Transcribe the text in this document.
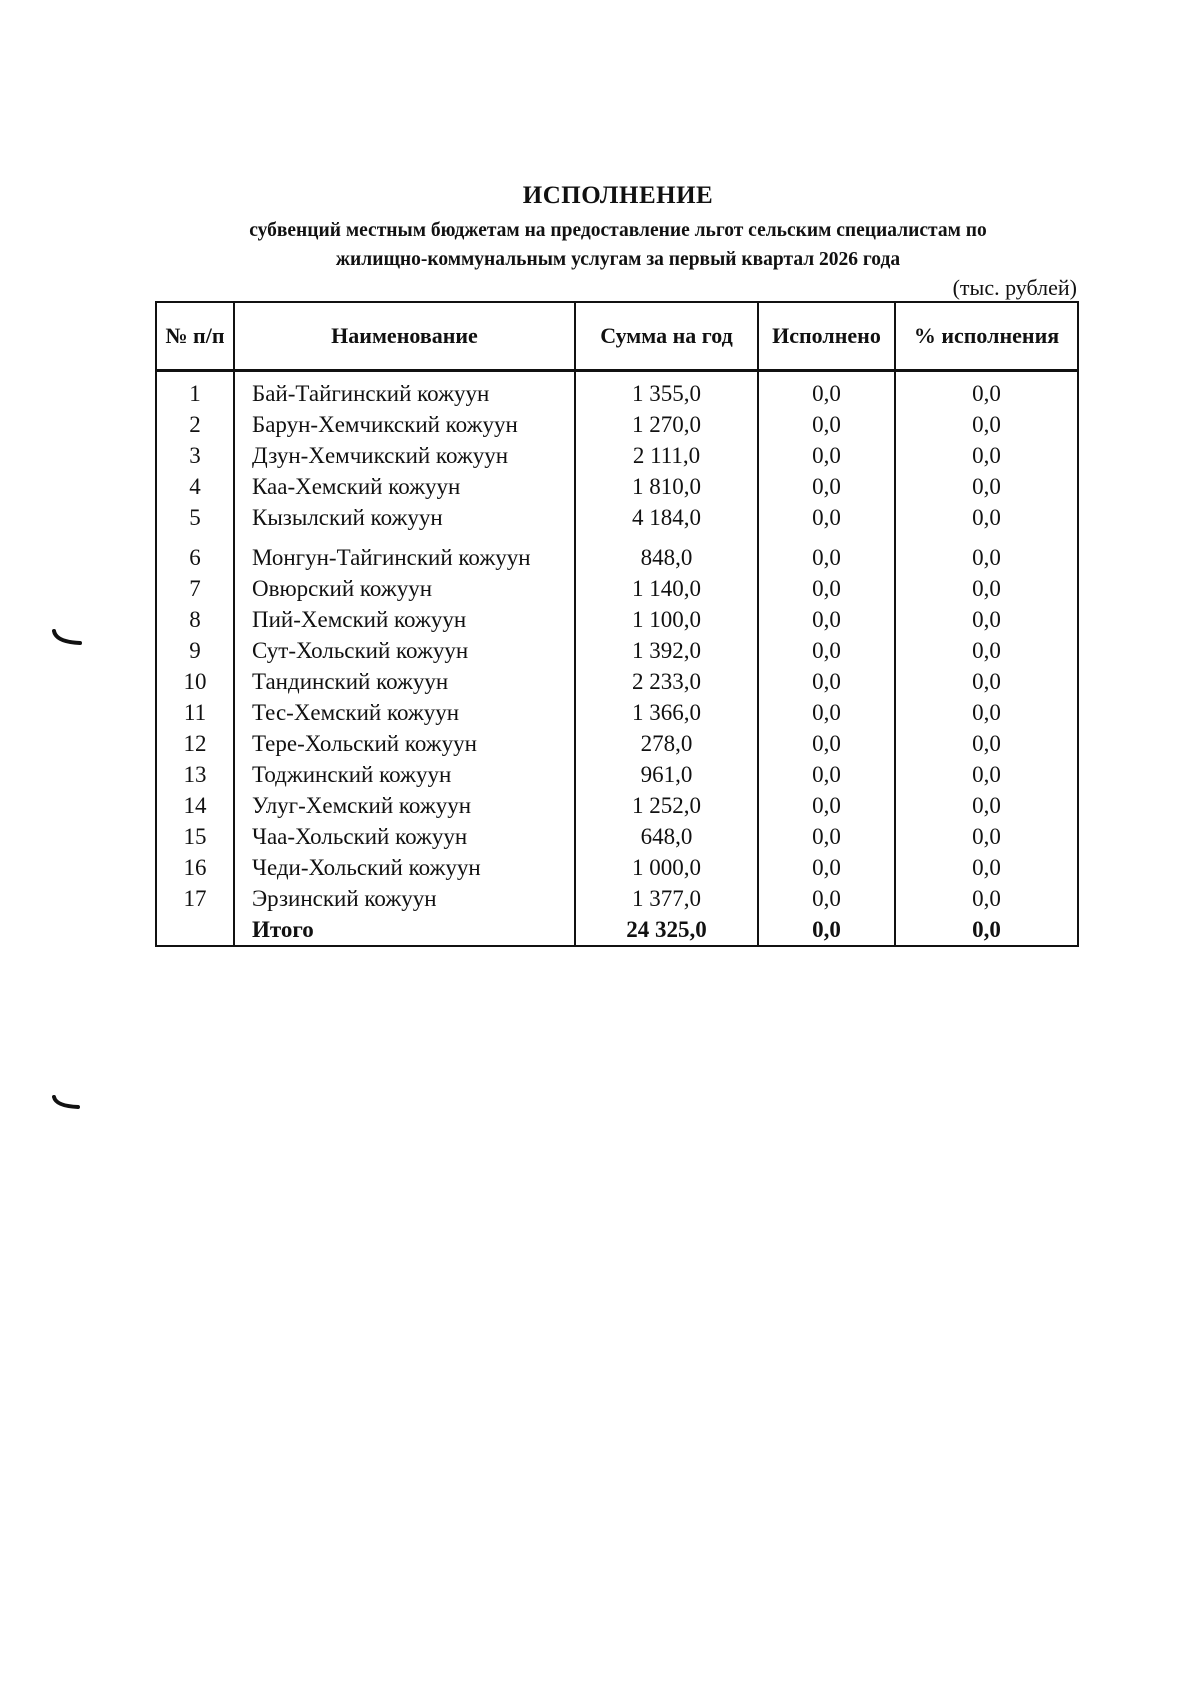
ИСПОЛНЕНИЕ
субвенций местным бюджетам на предоставление льгот сельским специалистам по
жилищно-коммунальным услугам за первый квартал 2026 года
(тыс. рублей)
№ п/п	Наименование	Сумма на год	Исполнено	% исполнения
1	Бай-Тайгинский кожуун	1 355,0	0,0	0,0
2	Барун-Хемчикский кожуун	1 270,0	0,0	0,0
3	Дзун-Хемчикский кожуун	2 111,0	0,0	0,0
4	Каа-Хемский кожуун	1 810,0	0,0	0,0
5	Кызылский кожуун	4 184,0	0,0	0,0
6	Монгун-Тайгинский кожуун	848,0	0,0	0,0
7	Овюрский кожуун	1 140,0	0,0	0,0
8	Пий-Хемский кожуун	1 100,0	0,0	0,0
9	Сут-Хольский кожуун	1 392,0	0,0	0,0
10	Тандинский кожуун	2 233,0	0,0	0,0
11	Тес-Хемский кожуун	1 366,0	0,0	0,0
12	Тере-Хольский кожуун	278,0	0,0	0,0
13	Тоджинский кожуун	961,0	0,0	0,0
14	Улуг-Хемский кожуун	1 252,0	0,0	0,0
15	Чаа-Хольский кожуун	648,0	0,0	0,0
16	Чеди-Хольский кожуун	1 000,0	0,0	0,0
17	Эрзинский кожуун	1 377,0	0,0	0,0
	Итого	24 325,0	0,0	0,0
